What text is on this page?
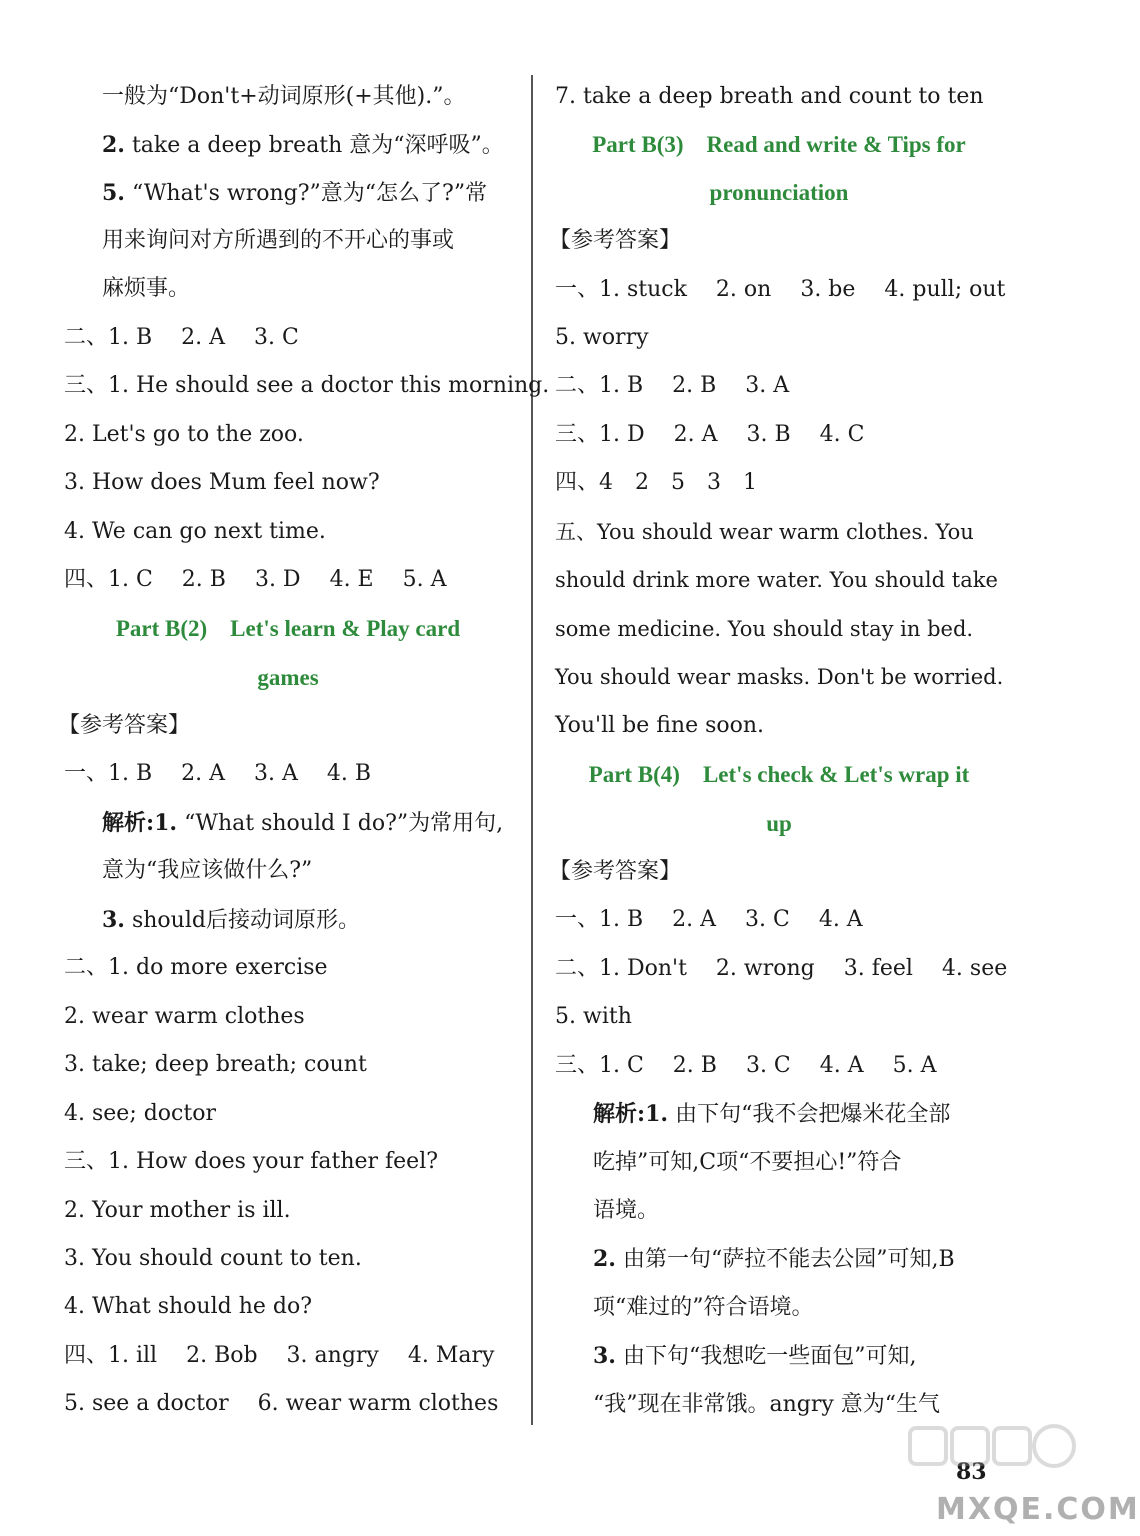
一般为“Don't+动词原形(+其他).”。
2. take a deep breath 意为“深呼吸”。
5. “What's wrong?”意为“怎么了?”常
用来询问对方所遇到的不开心的事或
麻烦事。
二、1. B　 2. A　 3. C
三、1. He should see a doctor this morning.
2. Let's go to the zoo.
3. How does Mum feel now?
4. We can go next time.
四、1. C　 2. B　 3. D　 4. E　 5. A
Part B(2)　Let's learn & Play card
games
【参考答案】
一、1. B　 2. A　 3. A　 4. B
解析:1. “What should I do?”为常用句,
意为“我应该做什么?”
3. should后接动词原形。
二、1. do more exercise
2. wear warm clothes
3. take; deep breath; count
4. see; doctor
三、1. How does your father feel?
2. Your mother is ill.
3. You should count to ten.
4. What should he do?
四、1. ill　 2. Bob　 3. angry　 4. Mary
5. see a doctor　 6. wear warm clothes
7. take a deep breath and count to ten
Part B(3)　Read and write & Tips for
pronunciation
【参考答案】
一、1. stuck　 2. on　 3. be　 4. pull; out
5. worry
二、1. B　 2. B　 3. A
三、1. D　 2. A　 3. B　 4. C
四、4　2　5　3　1
五、You should wear warm clothes. You
should drink more water. You should take
some medicine. You should stay in bed.
You should wear masks. Don't be worried.
You'll be fine soon.
Part B(4)　Let's check & Let's wrap it
up
【参考答案】
一、1. B　 2. A　 3. C　 4. A
二、1. Don't　 2. wrong　 3. feel　 4. see
5. with
三、1. C　 2. B　 3. C　 4. A　 5. A
解析:1. 由下句“我不会把爆米花全部
吃掉”可知,C项“不要担心!”符合
语境。
2. 由第一句“萨拉不能去公园”可知,B
项“难过的”符合语境。
3. 由下句“我想吃一些面包”可知,
“我”现在非常饿。angry 意为“生气
83
MXQE.COM
